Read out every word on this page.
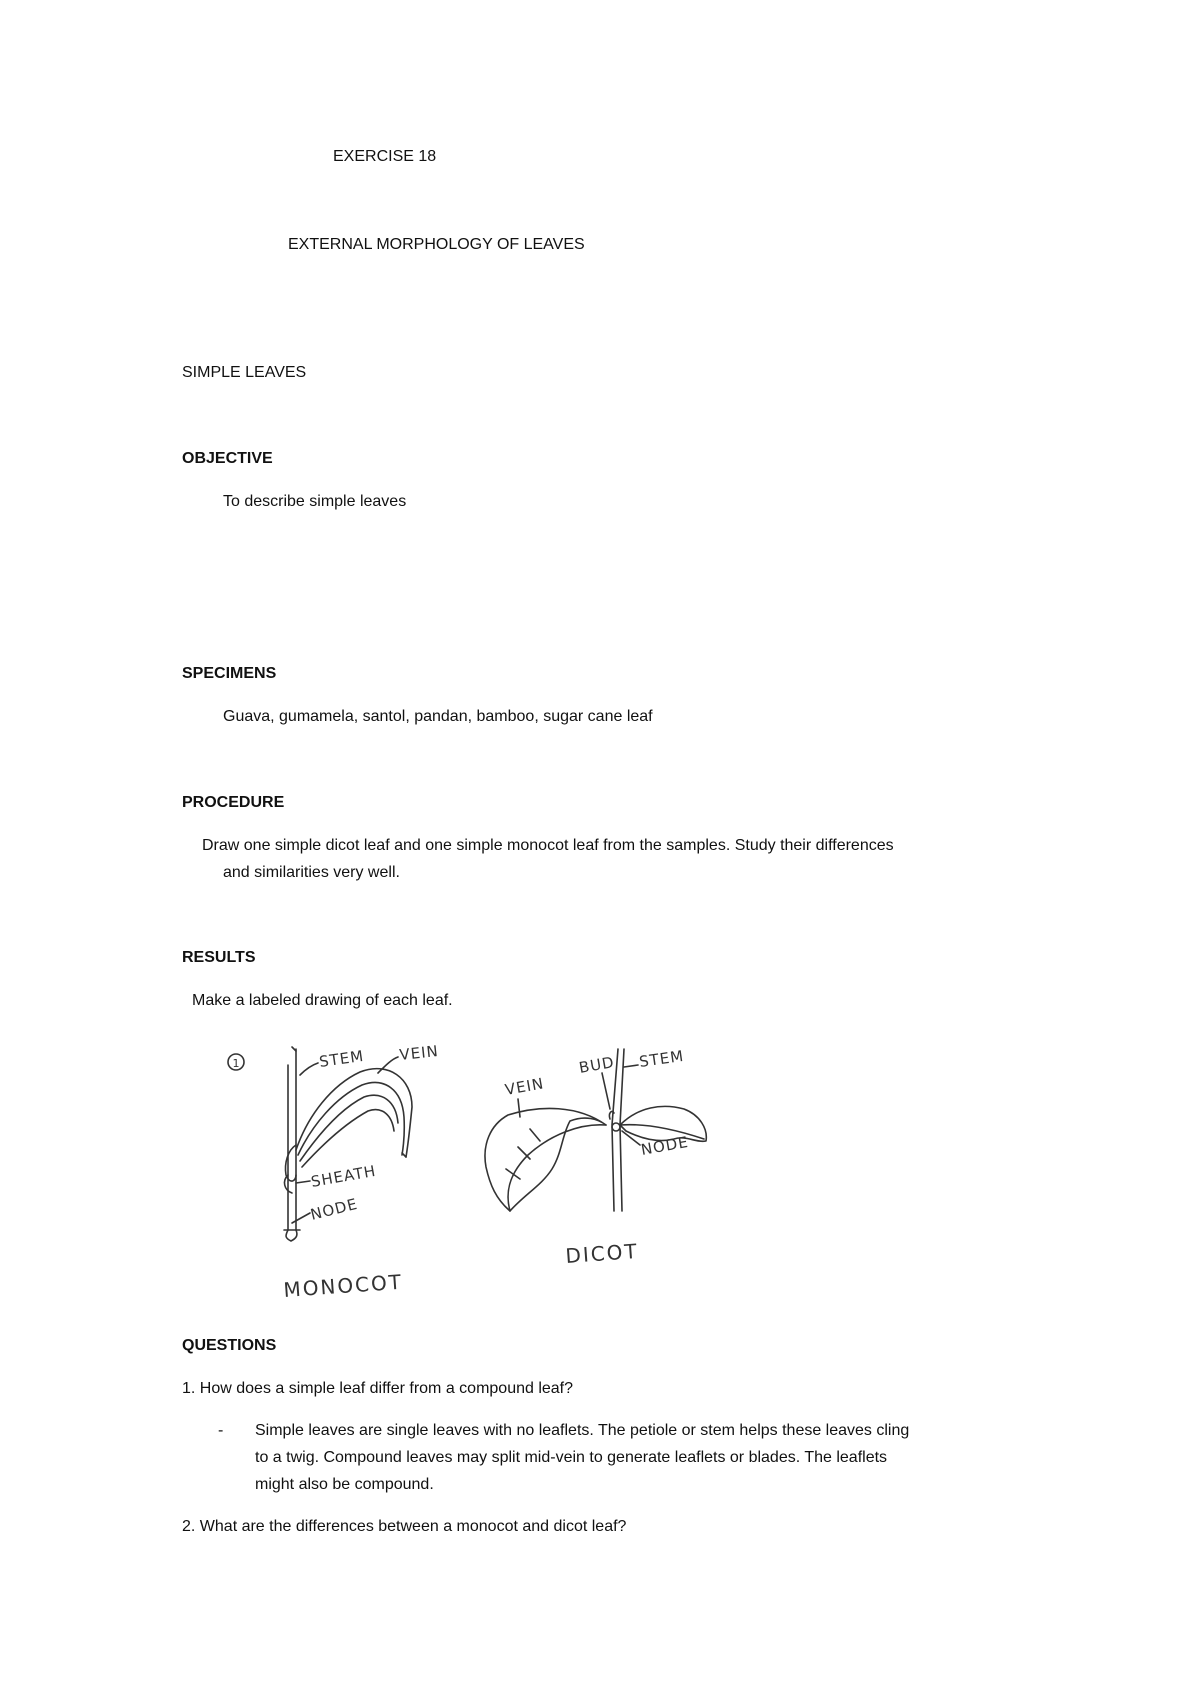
EXERCISE 18
EXTERNAL MORPHOLOGY OF LEAVES
SIMPLE LEAVES
OBJECTIVE
To describe simple leaves
SPECIMENS
Guava, gumamela, santol, pandan, bamboo, sugar cane leaf
PROCEDURE
Draw one simple dicot leaf and one simple monocot leaf from the samples. Study their differences
and similarities very well.
RESULTS
Make a labeled drawing of each leaf.
1	STEM VEIN
SHEATH
NODE
MONOCOT
VEIN
BUD STEM
NODE
DICOT
QUESTIONS
1. How does a simple leaf differ from a compound leaf?
- Simple leaves are single leaves with no leaflets. The petiole or stem helps these leaves cling
to a twig. Compound leaves may split mid-vein to generate leaflets or blades. The leaflets
might also be compound.
2. What are the differences between a monocot and dicot leaf?
